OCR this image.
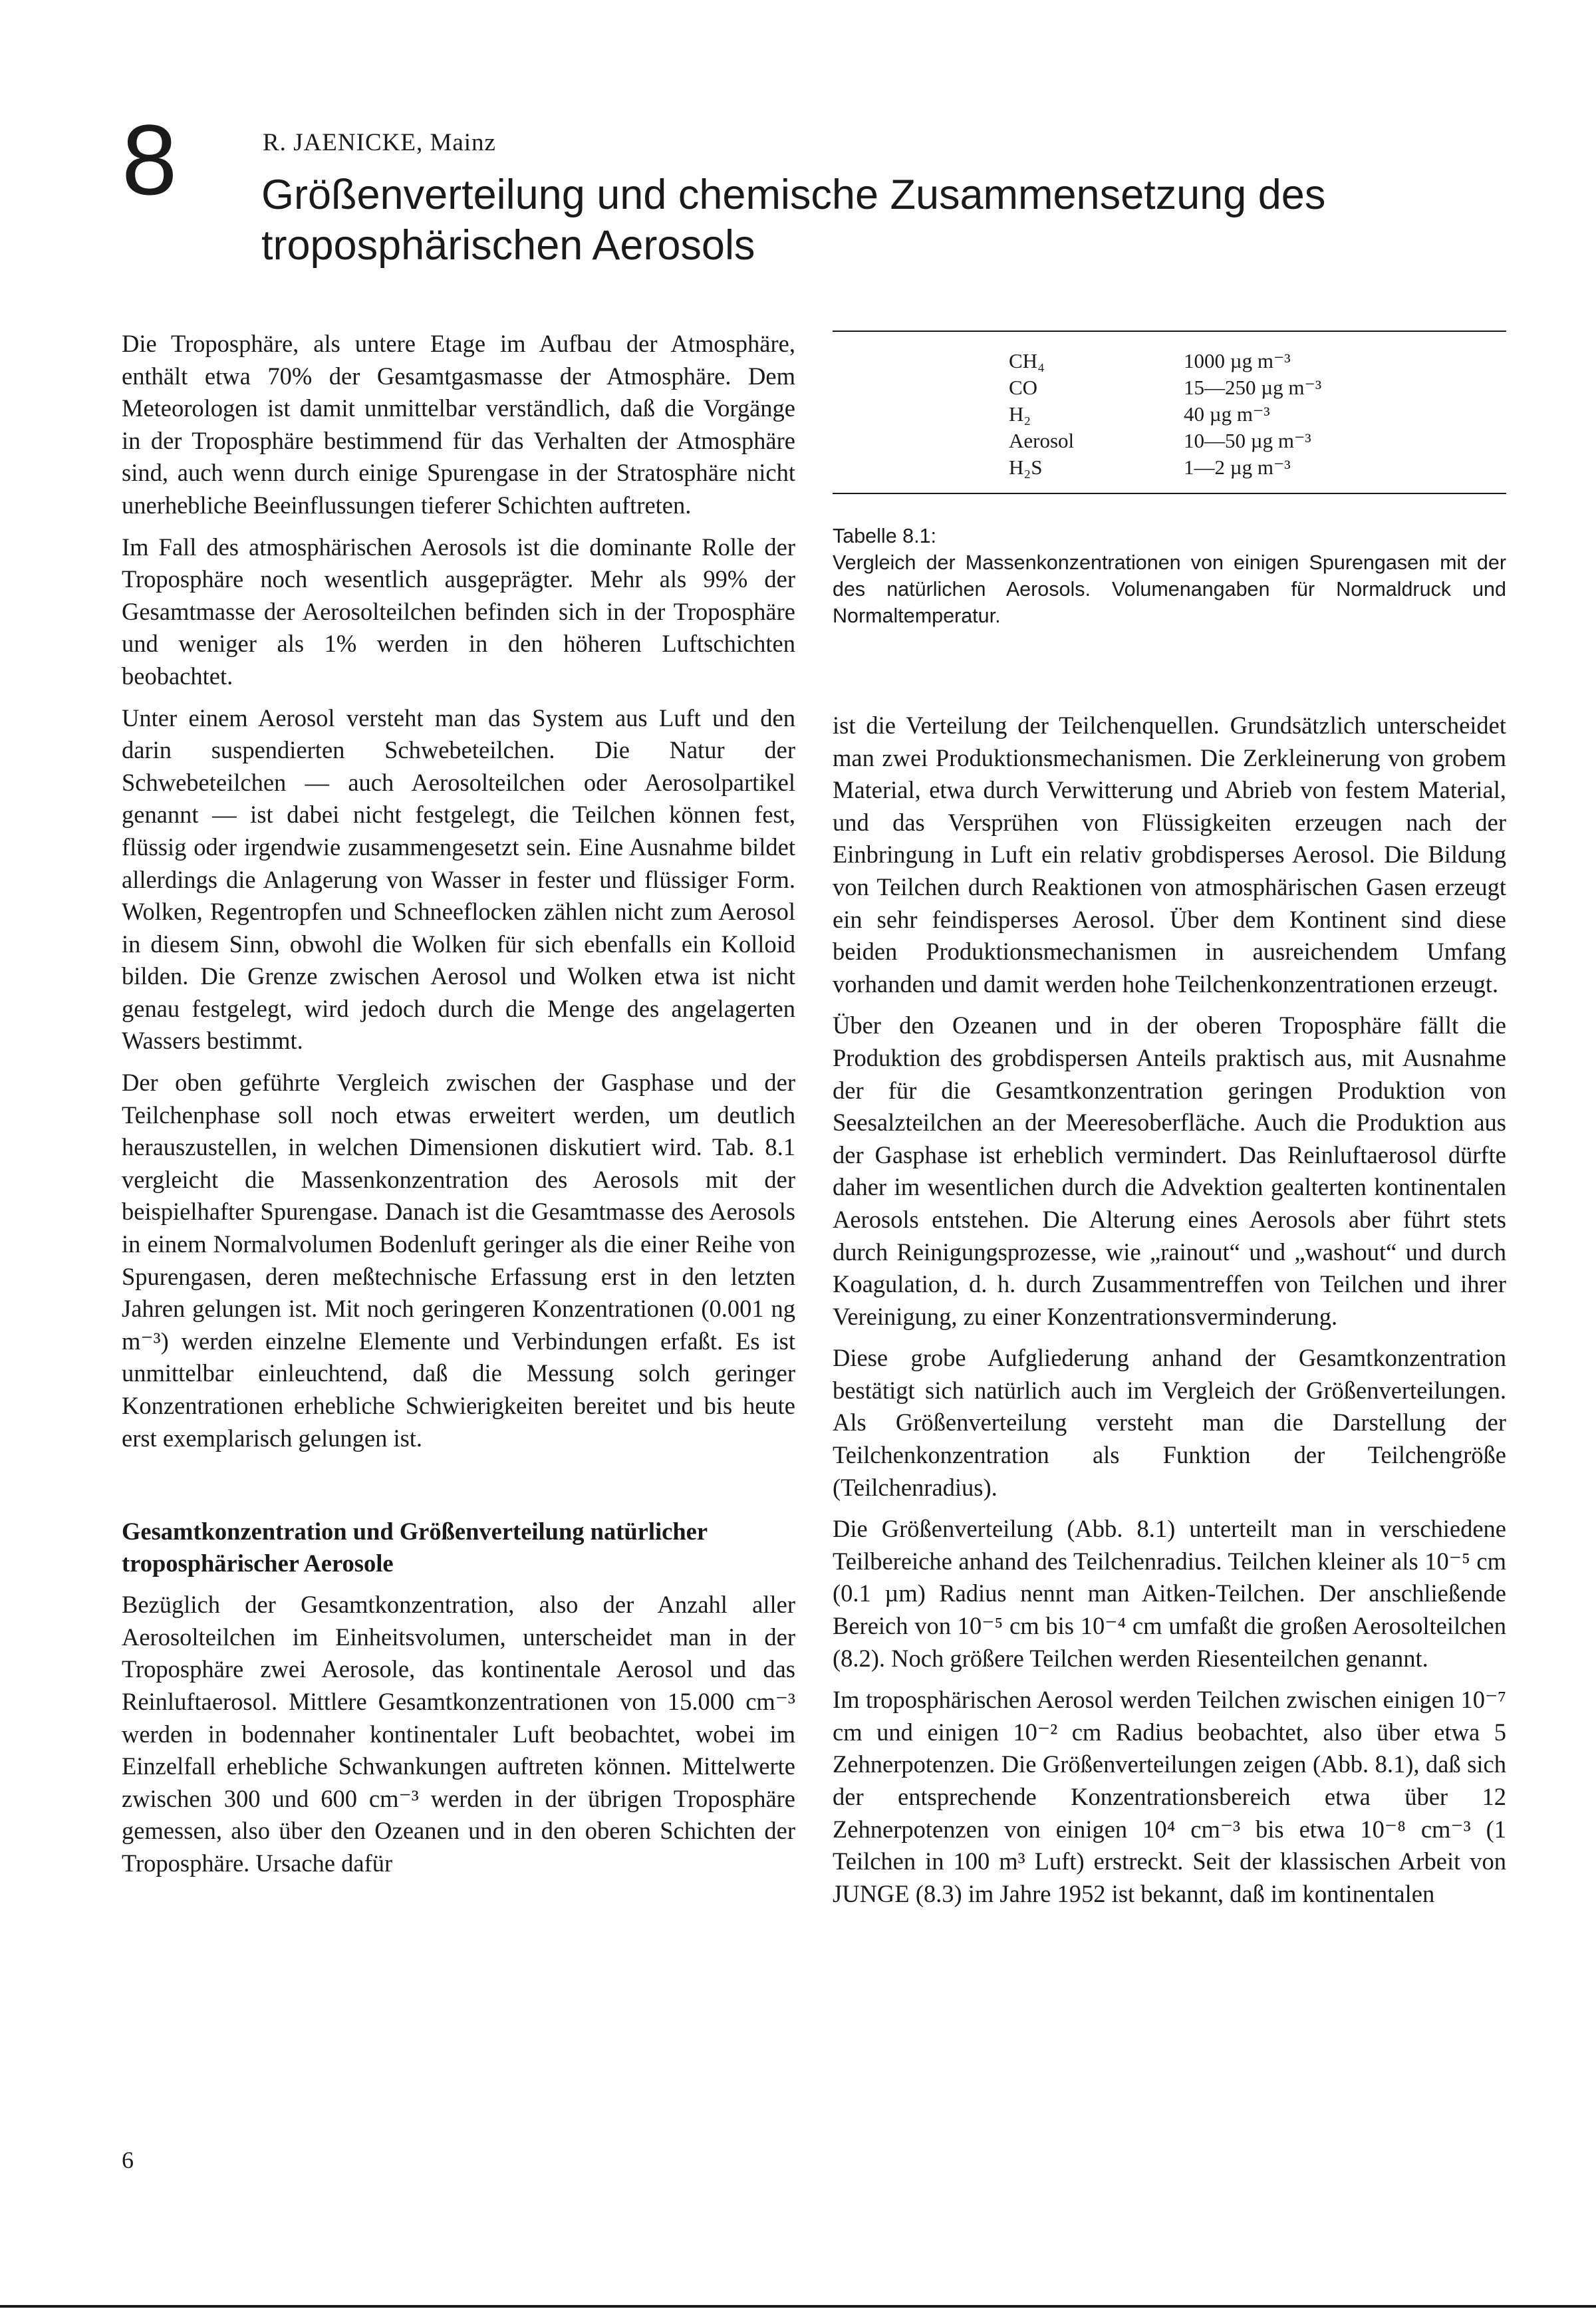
8	R. JAENICKE, Mainz
Größenverteilung und chemische Zusammensetzung des troposphärischen Aerosols

Die Troposphäre, als untere Etage im Aufbau der Atmosphäre, enthält etwa 70% der Gesamtgasmasse der Atmosphäre. Dem Meteorologen ist damit unmittelbar verständlich, daß die Vorgänge in der Troposphäre bestimmend für das Verhalten der Atmosphäre sind, auch wenn durch einige Spurengase in der Stratosphäre nicht unerhebliche Beeinflussungen tieferer Schichten auftreten.

Im Fall des atmosphärischen Aerosols ist die dominante Rolle der Troposphäre noch wesentlich ausgeprägter. Mehr als 99% der Gesamtmasse der Aerosolteilchen befinden sich in der Troposphäre und weniger als 1% werden in den höheren Luftschichten beobachtet.

Unter einem Aerosol versteht man das System aus Luft und den darin suspendierten Schwebeteilchen. Die Natur der Schwebeteilchen — auch Aerosolteilchen oder Aerosolpartikel genannt — ist dabei nicht festgelegt, die Teilchen können fest, flüssig oder irgendwie zusammengesetzt sein. Eine Ausnahme bildet allerdings die Anlagerung von Wasser in fester und flüssiger Form. Wolken, Regentropfen und Schneeflocken zählen nicht zum Aerosol in diesem Sinn, obwohl die Wolken für sich ebenfalls ein Kolloid bilden. Die Grenze zwischen Aerosol und Wolken etwa ist nicht genau festgelegt, wird jedoch durch die Menge des angelagerten Wassers bestimmt.

Der oben geführte Vergleich zwischen der Gasphase und der Teilchenphase soll noch etwas erweitert werden, um deutlich herauszustellen, in welchen Dimensionen diskutiert wird. Tab. 8.1 vergleicht die Massenkonzentration des Aerosols mit der beispielhafter Spurengase. Danach ist die Gesamtmasse des Aerosols in einem Normalvolumen Bodenluft geringer als die einer Reihe von Spurengasen, deren meßtechnische Erfassung erst in den letzten Jahren gelungen ist. Mit noch geringeren Konzentrationen (0.001 ng m⁻³) werden einzelne Elemente und Verbindungen erfaßt. Es ist unmittelbar einleuchtend, daß die Messung solch geringer Konzentrationen erhebliche Schwierigkeiten bereitet und bis heute erst exemplarisch gelungen ist.

Gesamtkonzentration und Größenverteilung natürlicher troposphärischer Aerosole

Bezüglich der Gesamtkonzentration, also der Anzahl aller Aerosolteilchen im Einheitsvolumen, unterscheidet man in der Troposphäre zwei Aerosole, das kontinentale Aerosol und das Reinluftaerosol. Mittlere Gesamtkonzentrationen von 15.000 cm⁻³ werden in bodennaher kontinentaler Luft beobachtet, wobei im Einzelfall erhebliche Schwankungen auftreten können. Mittelwerte zwischen 300 und 600 cm⁻³ werden in der übrigen Troposphäre gemessen, also über den Ozeanen und in den oberen Schichten der Troposphäre. Ursache dafür

CH₄	1000 µg m⁻³
CO	15—250 µg m⁻³
H₂	40 µg m⁻³
Aerosol	10—50 µg m⁻³
H₂S	1—2 µg m⁻³

Tabelle 8.1:

Vergleich der Massenkonzentrationen von einigen Spurengasen mit der des natürlichen Aerosols. Volumenangaben für Normaldruck und Normaltemperatur.

ist die Verteilung der Teilchenquellen. Grundsätzlich unterscheidet man zwei Produktionsmechanismen. Die Zerkleinerung von grobem Material, etwa durch Verwitterung und Abrieb von festem Material, und das Versprühen von Flüssigkeiten erzeugen nach der Einbringung in Luft ein relativ grobdisperses Aerosol. Die Bildung von Teilchen durch Reaktionen von atmosphärischen Gasen erzeugt ein sehr feindisperses Aerosol. Über dem Kontinent sind diese beiden Produktionsmechanismen in ausreichendem Umfang vorhanden und damit werden hohe Teilchenkonzentrationen erzeugt.

Über den Ozeanen und in der oberen Troposphäre fällt die Produktion des grobdispersen Anteils praktisch aus, mit Ausnahme der für die Gesamtkonzentration geringen Produktion von Seesalzteilchen an der Meeresoberfläche. Auch die Produktion aus der Gasphase ist erheblich vermindert. Das Reinluftaerosol dürfte daher im wesentlichen durch die Advektion gealterten kontinentalen Aerosols entstehen. Die Alterung eines Aerosols aber führt stets durch Reinigungsprozesse, wie „rainout“ und „washout“ und durch Koagulation, d. h. durch Zusammentreffen von Teilchen und ihrer Vereinigung, zu einer Konzentrationsverminderung.

Diese grobe Aufgliederung anhand der Gesamtkonzentration bestätigt sich natürlich auch im Vergleich der Größenverteilungen. Als Größenverteilung versteht man die Darstellung der Teilchenkonzentration als Funktion der Teilchengröße (Teilchenradius).

Die Größenverteilung (Abb. 8.1) unterteilt man in verschiedene Teilbereiche anhand des Teilchenradius. Teilchen kleiner als 10⁻⁵ cm (0.1 µm) Radius nennt man Aitken-Teilchen. Der anschließende Bereich von 10⁻⁵ cm bis 10⁻⁴ cm umfaßt die großen Aerosolteilchen (8.2). Noch größere Teilchen werden Riesenteilchen genannt.

Im troposphärischen Aerosol werden Teilchen zwischen einigen 10⁻⁷ cm und einigen 10⁻² cm Radius beobachtet, also über etwa 5 Zehnerpotenzen. Die Größenverteilungen zeigen (Abb. 8.1), daß sich der entsprechende Konzentrationsbereich etwa über 12 Zehnerpotenzen von einigen 10⁴ cm⁻³ bis etwa 10⁻⁸ cm⁻³ (1 Teilchen in 100 m³ Luft) erstreckt. Seit der klassischen Arbeit von JUNGE (8.3) im Jahre 1952 ist bekannt, daß im kontinentalen

6
